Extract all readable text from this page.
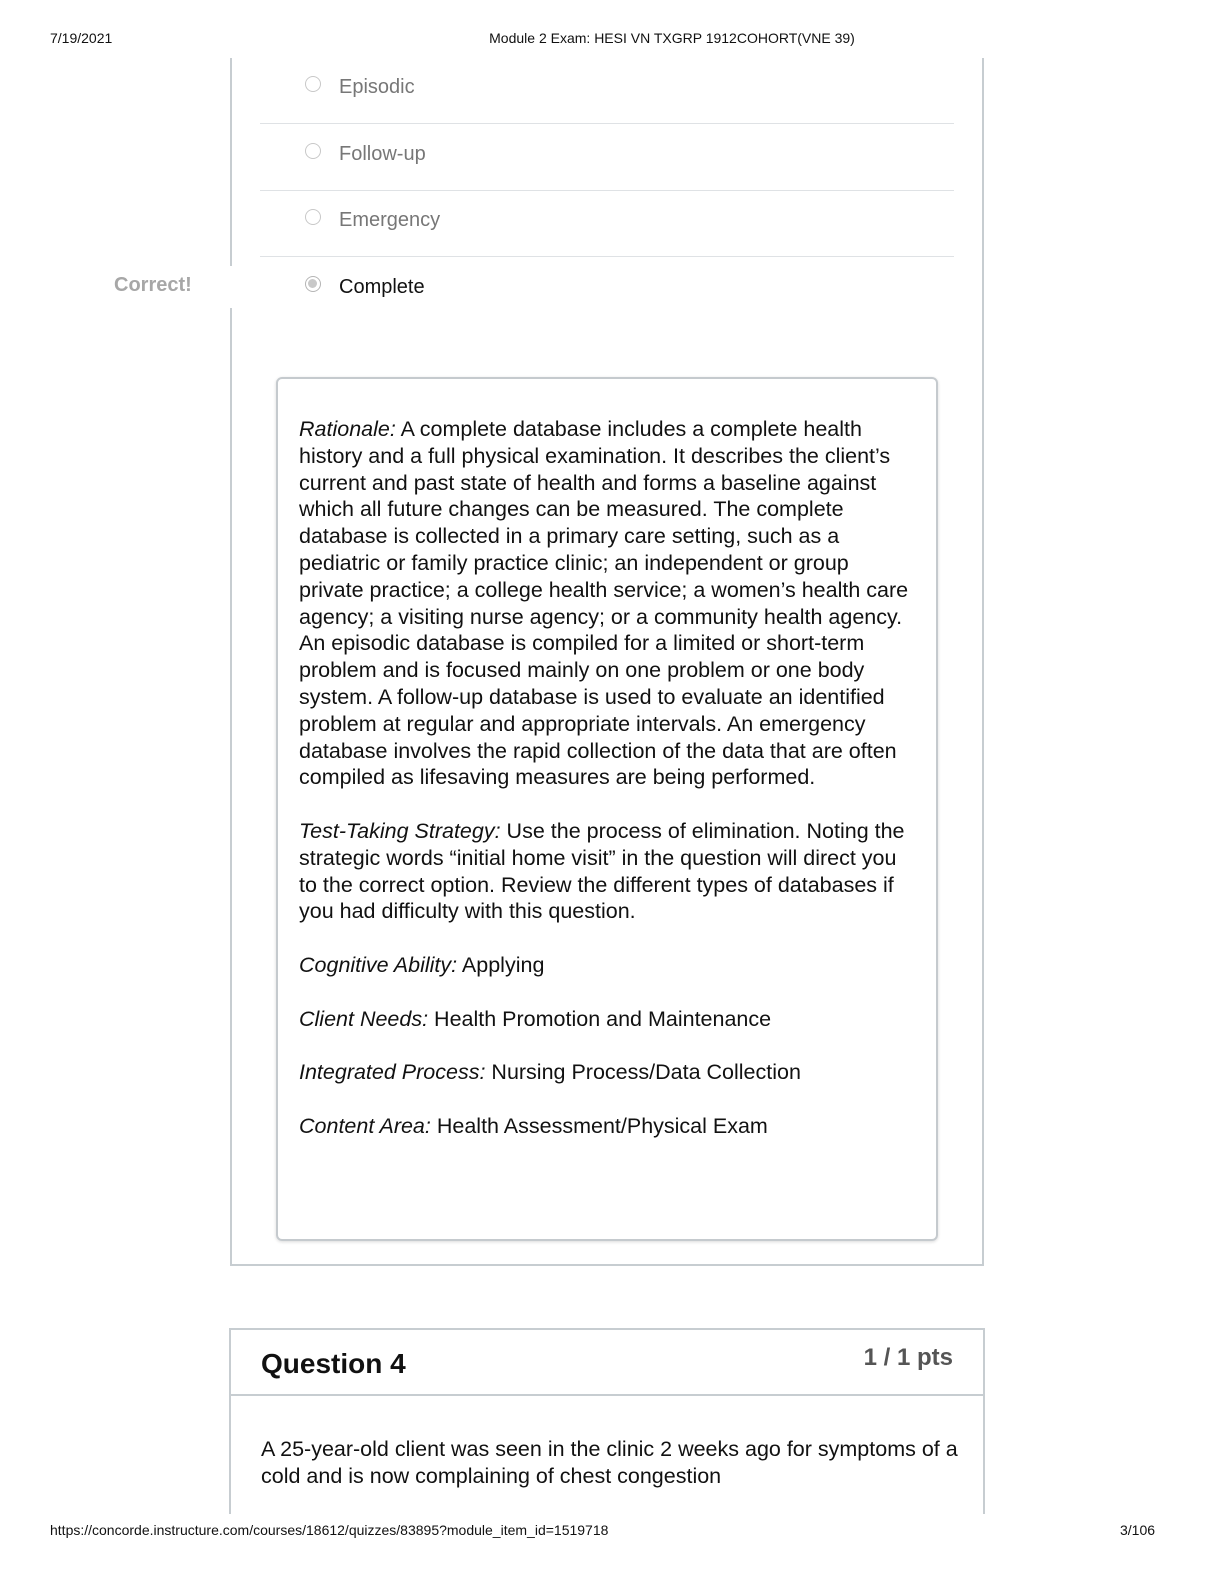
7/19/2021	Module 2 Exam: HESI VN TXGRP 1912COHORT(VNE 39)
Episodic
Follow-up
Emergency
Correct!	Complete

Rationale: A complete database includes a complete health history and a full physical examination. It describes the client’s current and past state of health and forms a baseline against which all future changes can be measured. The complete database is collected in a primary care setting, such as a pediatric or family practice clinic; an independent or group private practice; a college health service; a women’s health care agency; a visiting nurse agency; or a community health agency. An episodic database is compiled for a limited or short-term problem and is focused mainly on one problem or one body system. A follow-up database is used to evaluate an identified problem at regular and appropriate intervals. An emergency database involves the rapid collection of the data that are often compiled as lifesaving measures are being performed.

Test-Taking Strategy: Use the process of elimination. Noting the strategic words “initial home visit” in the question will direct you to the correct option. Review the different types of databases if you had difficulty with this question.

Cognitive Ability: Applying

Client Needs: Health Promotion and Maintenance

Integrated Process: Nursing Process/Data Collection

Content Area: Health Assessment/Physical Exam

Question 4	1 / 1 pts
A 25-year-old client was seen in the clinic 2 weeks ago for symptoms of a cold and is now complaining of chest congestion
https://concorde.instructure.com/courses/18612/quizzes/83895?module_item_id=1519718	3/106
